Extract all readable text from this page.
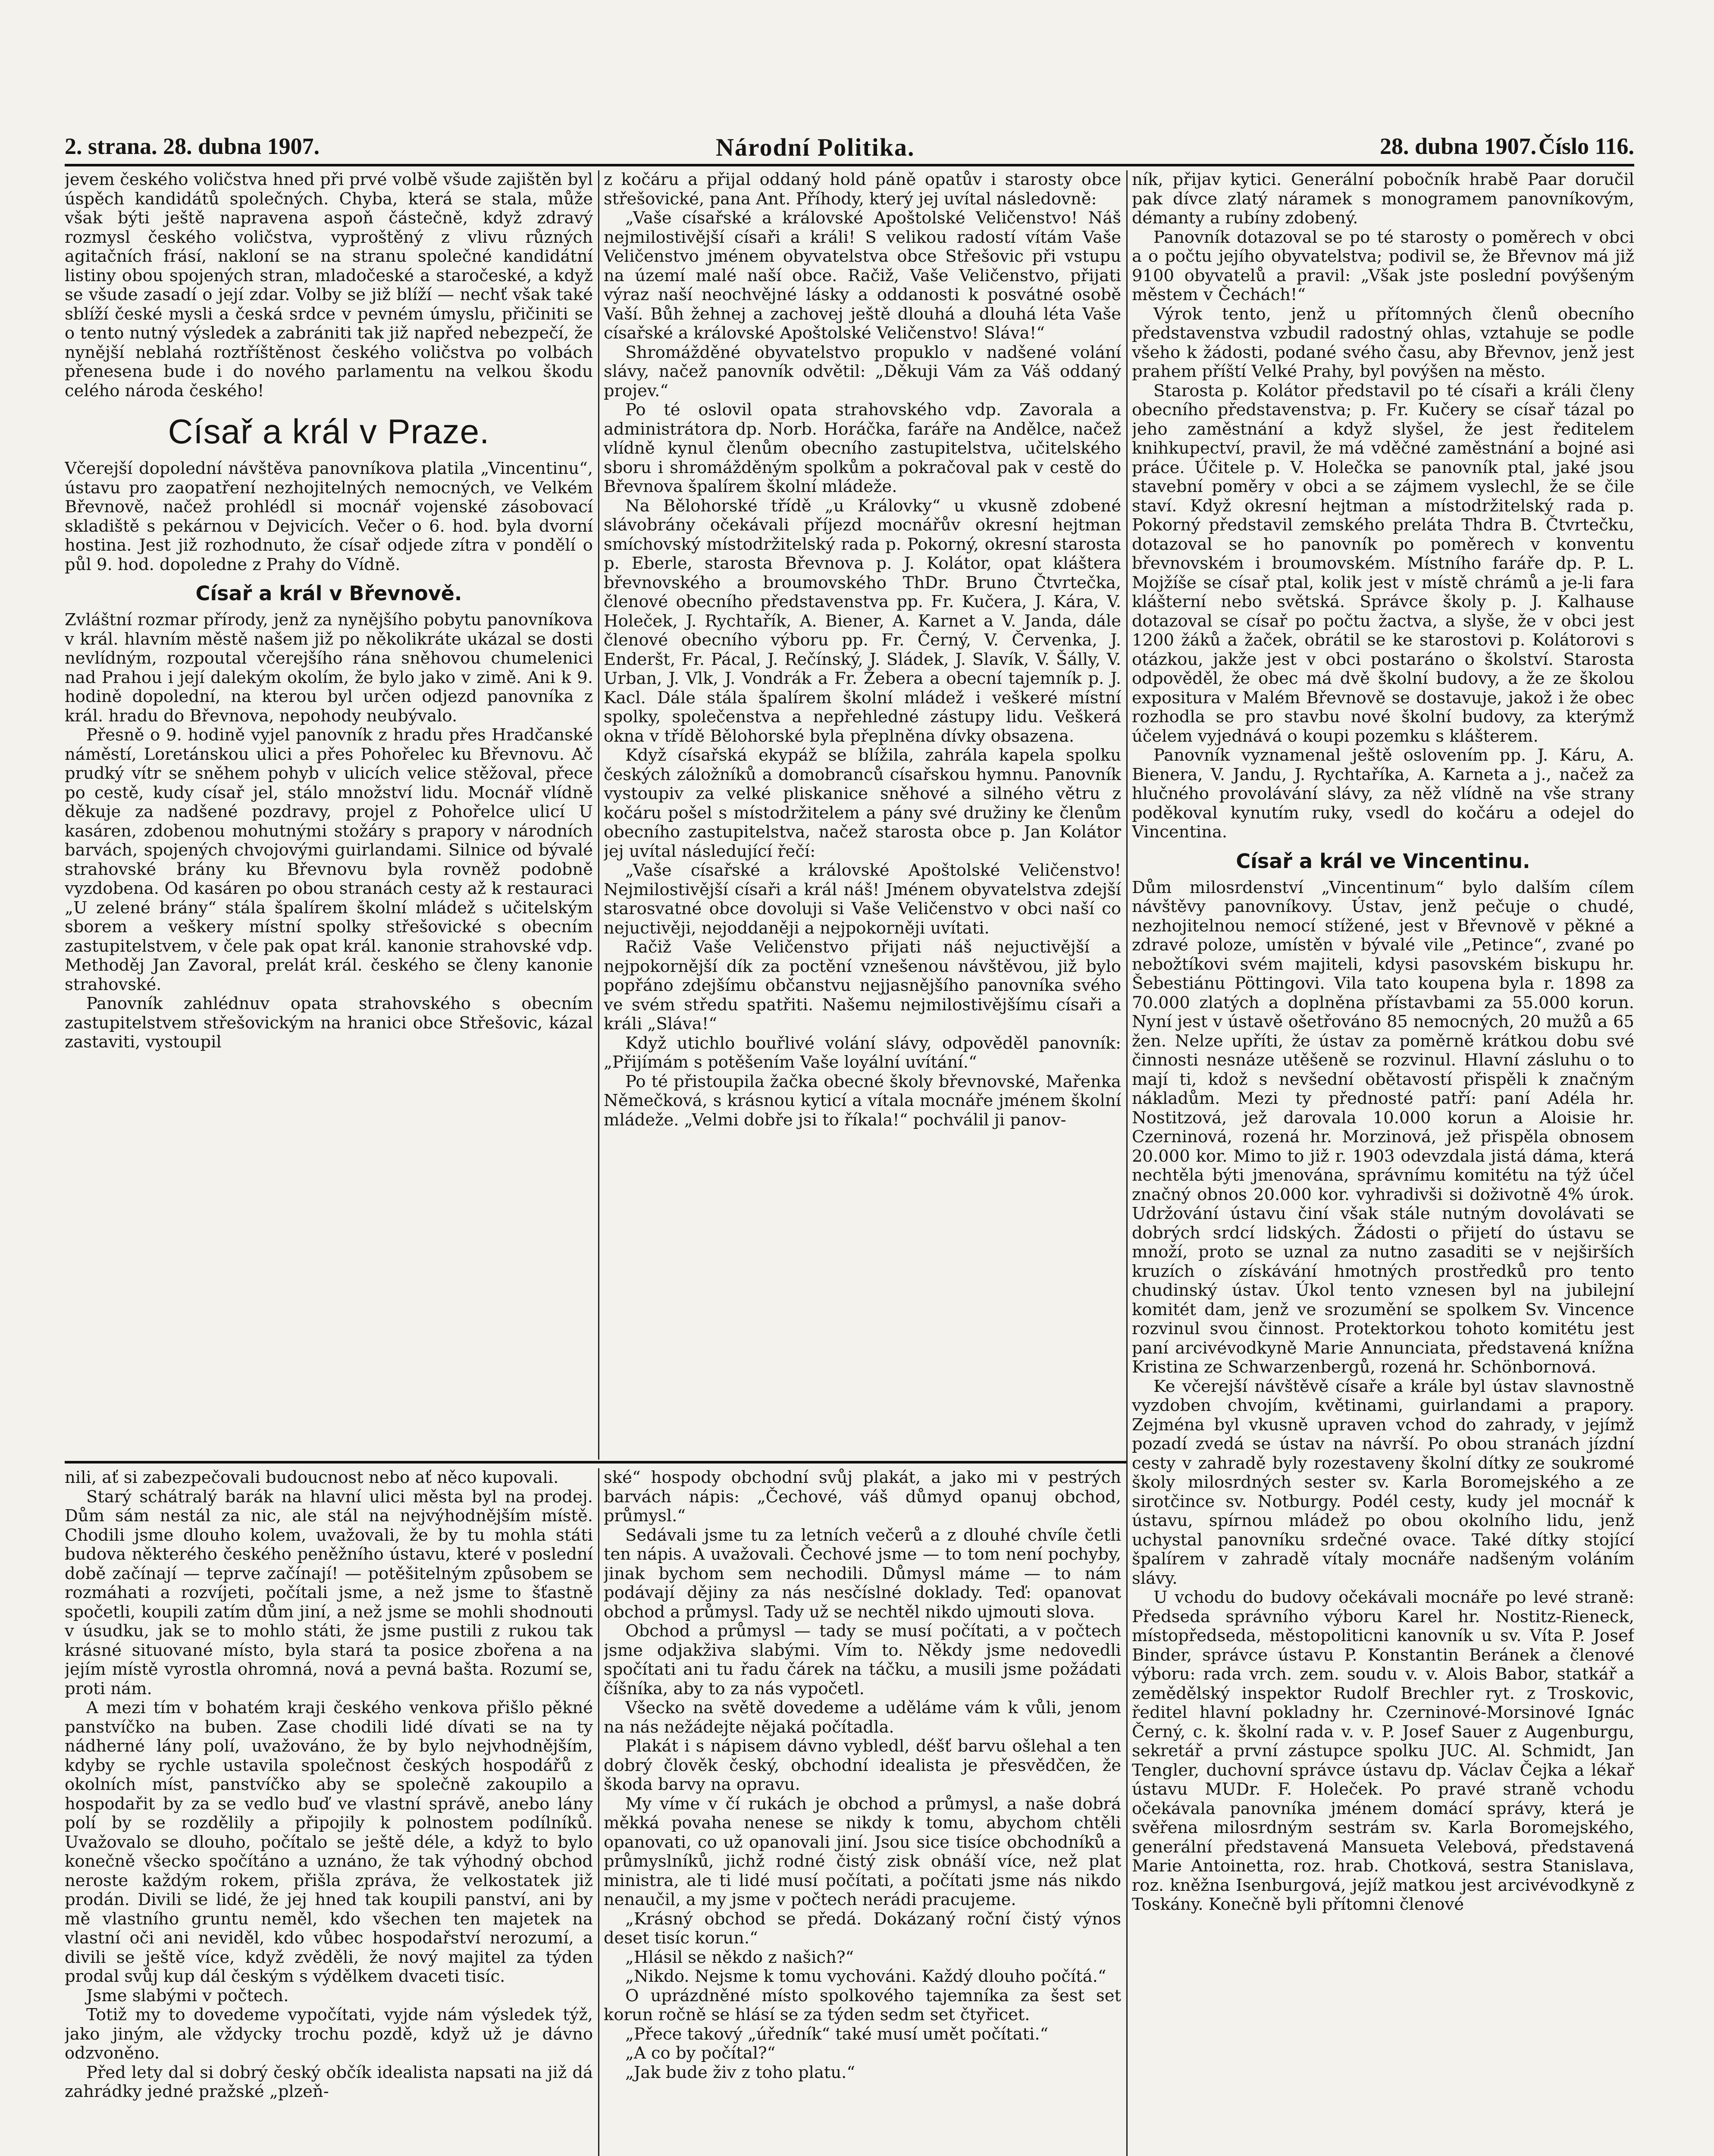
2. strana. 28. dubna 1907.	Národní Politika.	28. dubna 1907. Číslo 116.

jevem českého voličstva hned při prvé volbě všude zajištěn byl úspěch kandidátů společných. Chyba, která se stala, může však býti ještě napravena aspoň částečně, když zdravý rozmysl českého voličstva, vyproštěný z vlivu různých agitačních frásí, nakloní se na stranu společné kandidátní listiny obou spojených stran, mladočeské a staročeské, a když se všude zasadí o její zdar. Volby se již blíží — nechť však také sblíží české mysli a česká srdce v pevném úmyslu, přičiniti se o tento nutný výsledek a zabrániti tak již napřed nebezpečí, že nynější neblahá roztříštěnost českého voličstva po volbách přenesena bude i do nového parlamentu na velkou škodu celého národa českého!

Císař a král v Praze.

Včerejší dopolední návštěva panovníkova platila „Vincentinu“, ústavu pro zaopatření nezhojitelných nemocných, ve Velkém Břevnově, načež prohlédl si mocnář vojenské zásobovací skladiště s pekárnou v Dejvicích. Večer o 6. hod. byla dvorní hostina. Jest již rozhodnuto, že císař odjede zítra v pondělí o půl 9. hod. dopoledne z Prahy do Vídně.

Císař a král v Břevnově.

Zvláštní rozmar přírody, jenž za nynějšího pobytu panovníkova v král. hlavním městě našem již po několikráte ukázal se dosti nevlídným, rozpoutal včerejšího rána sněhovou chumelenici nad Prahou i její dalekým okolím, že bylo jako v zimě. Ani k 9. hodině dopolední, na kterou byl určen odjezd panovníka z král. hradu do Břevnova, nepohody neubývalo.

Přesně o 9. hodině vyjel panovník z hradu přes Hradčanské náměstí, Loretánskou ulici a přes Pohořelec ku Břevnovu. Ač prudký vítr se sněhem pohyb v ulicích velice stěžoval, přece po cestě, kudy císař jel, stálo množství lidu. Mocnář vlídně děkuje za nadšené pozdravy, projel z Pohořelce ulicí U kasáren, zdobenou mohutnými stožáry s prapory v národních barvách, spojených chvojovými guirlandami. Silnice od bývalé strahovské brány ku Břevnovu byla rovněž podobně vyzdobena. Od kasáren po obou stranách cesty až k restauraci „U zelené brány“ stála špalírem školní mládež s učitelským sborem a veškery místní spolky střešovické s obecním zastupitelstvem, v čele pak opat král. kanonie strahovské vdp. Methoděj Jan Zavoral, prelát král. českého se členy kanonie strahovské.

Panovník zahlédnuv opata strahovského s obecním zastupitelstvem střešovickým na hranici obce Střešovic, kázal zastaviti, vystoupil

z kočáru a přijal oddaný hold páně opatův i starosty obce střešovické, pana Ant. Příhody, který jej uvítal následovně:

„Vaše císařské a královské Apoštolské Veličenstvo! Náš nejmilostivější císaři a králi! S velikou radostí vítám Vaše Veličenstvo jménem obyvatelstva obce Střešovic při vstupu na území malé naší obce. Račiž, Vaše Veličenstvo, přijati výraz naší neochvějné lásky a oddanosti k posvátné osobě Vaší. Bůh žehnej a zachovej ještě dlouhá a dlouhá léta Vaše císařské a královské Apoštolské Veličenstvo! Sláva!“

Shromážděné obyvatelstvo propuklo v nadšené volání slávy, načež panovník odvětil: „Děkuji Vám za Váš oddaný projev.“

Po té oslovil opata strahovského vdp. Zavorala a administrátora dp. Norb. Horáčka, faráře na Andělce, načež vlídně kynul členům obecního zastupitelstva, učitelského sboru i shromážděným spolkům a pokračoval pak v cestě do Břevnova špalírem školní mládeže.

Na Bělohorské třídě „u Královky“ u vkusně zdobené slávobrány očekávali příjezd mocnářův okresní hejtman smíchovský místodržitelský rada p. Pokorný, okresní starosta p. Eberle, starosta Břevnova p. J. Kolátor, opat kláštera břevnovského a broumovského ThDr. Bruno Čtvrtečka, členové obecního představenstva pp. Fr. Kučera, J. Kára, V. Holeček, J. Rychtařík, A. Biener, A. Karnet a V. Janda, dále členové obecního výboru pp. Fr. Černý, V. Červenka, J. Enderšt, Fr. Pácal, J. Rečínský, J. Sládek, J. Slavík, V. Šálly, V. Urban, J. Vlk, J. Vondrák a Fr. Žebera a obecní tajemník p. J. Kacl. Dále stála špalírem školní mládež i veškeré místní spolky, společenstva a nepřehledné zástupy lidu. Veškerá okna v třídě Bělohorské byla přeplněna dívky obsazena.

Když císařská ekypáž se blížila, zahrála kapela spolku českých záložníků a domobranců císařskou hymnu. Panovník vystoupiv za velké pliskanice sněhové a silného větru z kočáru pošel s místodržitelem a pány své družiny ke členům obecního zastupitelstva, načež starosta obce p. Jan Kolátor jej uvítal následující řečí:

„Vaše císařské a královské Apoštolské Veličenstvo! Nejmilostivější císaři a král náš! Jménem obyvatelstva zdejší starosvatné obce dovoluji si Vaše Veličenstvo v obci naší co nejuctivěji, nejoddaněji a nejpokorněji uvítati.

Račiž Vaše Veličenstvo přijati náš nejuctivější a nejpokornější dík za poctění vznešenou návštěvou, již bylo popřáno zdejšímu občanstvu nejjasnějšího panovníka svého ve svém středu spatřiti. Našemu nejmilostivějšímu císaři a králi „Sláva!“

Když utichlo bouřlivé volání slávy, odpověděl panovník: „Přijímám s potěšením Vaše loyální uvítání.“

Po té přistoupila žačka obecné školy břevnovské, Mařenka Němečková, s krásnou kyticí a vítala mocnáře jménem školní mládeže. „Velmi dobře jsi to říkala!“ pochválil ji panov-

ník, přijav kytici. Generální pobočník hrabě Paar doručil pak dívce zlatý náramek s monogramem panovníkovým, démanty a rubíny zdobený.

Panovník dotazoval se po té starosty o poměrech v obci a o počtu jejího obyvatelstva; podivil se, že Břevnov má již 9100 obyvatelů a pravil: „Však jste poslední povýšeným městem v Čechách!“

Výrok tento, jenž u přítomných členů obecního představenstva vzbudil radostný ohlas, vztahuje se podle všeho k žádosti, podané svého času, aby Břevnov, jenž jest prahem příští Velké Prahy, byl povýšen na město.

Starosta p. Kolátor představil po té císaři a králi členy obecního představenstva; p. Fr. Kučery se císař tázal po jeho zaměstnání a když slyšel, že jest ředitelem knihkupectví, pravil, že má vděčné zaměstnání a bojné asi práce. Účitele p. V. Holečka se panovník ptal, jaké jsou stavební poměry v obci a se zájmem vyslechl, že se čile staví. Když okresní hejtman a místodržitelský rada p. Pokorný představil zemského preláta Thdra B. Čtvrtečku, dotazoval se ho panovník po poměrech v konventu břevnovském i broumovském. Místního faráře dp. P. L. Mojžíše se císař ptal, kolik jest v místě chrámů a je-li fara klášterní nebo světská. Správce školy p. J. Kalhause dotazoval se císař po počtu žactva, a slyše, že v obci jest 1200 žáků a žaček, obrátil se ke starostovi p. Kolátorovi s otázkou, jakže jest v obci postaráno o školství. Starosta odpověděl, že obec má dvě školní budovy, a že ze školou expositura v Malém Břevnově se dostavuje, jakož i že obec rozhodla se pro stavbu nové školní budovy, za kterýmž účelem vyjednává o koupi pozemku s klášterem.

Panovník vyznamenal ještě oslovením pp. J. Káru, A. Bienera, V. Jandu, J. Rychtaříka, A. Karneta a j., načež za hlučného provolávání slávy, za něž vlídně na vše strany poděkoval kynutím ruky, vsedl do kočáru a odejel do Vincentina.

Císař a král ve Vincentinu.

Dům milosrdenství „Vincentinum“ bylo dalším cílem návštěvy panovníkovy. Ústav, jenž pečuje o chudé, nezhojitelnou nemocí stížené, jest v Břevnově v pěkné a zdravé poloze, umístěn v bývalé vile „Petince“, zvané po nebožtíkovi svém majiteli, kdysi pasovském biskupu hr. Šebestiánu Pöttingovi. Vila tato koupena byla r. 1898 za 70.000 zlatých a doplněna přístavbami za 55.000 korun. Nyní jest v ústavě ošetřováno 85 nemocných, 20 mužů a 65 žen. Nelze upříti, že ústav za poměrně krátkou dobu své činnosti nesnáze utěšeně se rozvinul. Hlavní zásluhu o to mají ti, kdož s nevšední obětavostí přispěli k značným nákladům. Mezi ty přednosté patří: paní Adéla hr. Nostitzová, jež darovala 10.000 korun a Aloisie hr. Czerninová, rozená hr. Morzinová, jež přispěla obnosem 20.000 kor. Mimo to již r. 1903 odevzdala jistá dáma, která nechtěla býti jmenována, správnímu komitétu na týž účel značný obnos 20.000 kor. vyhradivši si doživotně 4% úrok. Udržování ústavu činí však stále nutným dovolávati se dobrých srdcí lidských. Žádosti o přijetí do ústavu se množí, proto se uznal za nutno zasaditi se v nejširších kruzích o získávání hmotných prostředků pro tento chudinský ústav. Úkol tento vznesen byl na jubilejní komitét dam, jenž ve srozumění se spolkem Sv. Vincence rozvinul svou činnost. Protektorkou tohoto komitétu jest paní arcivévodkyně Marie Annunciata, představená knížna Kristina ze Schwarzenbergů, rozená hr. Schönbornová.

Ke včerejší návštěvě císaře a krále byl ústav slavnostně vyzdoben chvojím, květinami, guirlandami a prapory. Zejména byl vkusně upraven vchod do zahrady, v jejímž pozadí zvedá se ústav na návrší. Po obou stranách jízdní cesty v zahradě byly rozestaveny školní dítky ze soukromé školy milosrdných sester sv. Karla Boromejského a ze sirotčince sv. Notburgy. Podél cesty, kudy jel mocnář k ústavu, spírnou mládež po obou okolního lidu, jenž uchystal panovníku srdečné ovace. Také dítky stojící špalírem v zahradě vítaly mocnáře nadšeným voláním slávy.

U vchodu do budovy očekávali mocnáře po levé straně: Předseda správního výboru Karel hr. Nostitz-Rieneck, místopředseda, městopoliticni kanovník u sv. Víta P. Josef Binder, správce ústavu P. Konstantin Beránek a členové výboru: rada vrch. zem. soudu v. v. Alois Babor, statkář a zemědělský inspektor Rudolf Brechler ryt. z Troskovic, ředitel hlavní pokladny hr. Czerninové-Morsinové Ignác Černý, c. k. školní rada v. v. P. Josef Sauer z Augenburgu, sekretář a první zástupce spolku JUC. Al. Schmidt, Jan Tengler, duchovní správce ústavu dp. Václav Čejka a lékař ústavu MUDr. F. Holeček. Po pravé straně vchodu očekávala panovníka jménem domácí správy, která je svěřena milosrdným sestrám sv. Karla Boromejského, generální představená Mansueta Velebová, představená Marie Antoinetta, roz. hrab. Chotková, sestra Stanislava, roz. kněžna Isenburgová, jejíž matkou jest arcivévodkyně z Toskány. Konečně byli přítomni členové

nili, ať si zabezpečovali budoucnost nebo ať něco kupovali.

Starý schátralý barák na hlavní ulici města byl na prodej. Dům sám nestál za nic, ale stál na nejvýhodnějším místě. Chodili jsme dlouho kolem, uvažovali, že by tu mohla státi budova některého českého peněžního ústavu, které v poslední době začínají — teprve začínají! — potěšitelným způsobem se rozmáhati a rozvíjeti, počítali jsme, a než jsme to šťastně spočetli, koupili zatím dům jiní, a než jsme se mohli shodnouti v úsudku, jak se to mohlo státi, že jsme pustili z rukou tak krásné situované místo, byla stará ta posice zbořena a na jejím místě vyrostla ohromná, nová a pevná bašta. Rozumí se, proti nám.

A mezi tím v bohatém kraji českého venkova přišlo pěkné panstvíčko na buben. Zase chodili lidé dívati se na ty nádherné lány polí, uvažováno, že by bylo nejvhodnějším, kdyby se rychle ustavila společnost českých hospodářů z okolních míst, panstvíčko aby se společně zakoupilo a hospodařit by za se vedlo buď ve vlastní správě, anebo lány polí by se rozdělily a připojily k polnostem podílníků. Uvažovalo se dlouho, počítalo se ještě déle, a když to bylo konečně všecko spočítáno a uznáno, že tak výhodný obchod neroste každým rokem, přišla zpráva, že velkostatek již prodán. Divili se lidé, že jej hned tak koupili panství, ani by mě vlastního gruntu neměl, kdo všechen ten majetek na vlastní oči ani neviděl, kdo vůbec hospodařství nerozumí, a divili se ještě více, když zvěděli, že nový majitel za týden prodal svůj kup dál českým s výdělkem dvaceti tisíc.

Jsme slabými v počtech.

Totiž my to dovedeme vypočítati, vyjde nám výsledek týž, jako jiným, ale vždycky trochu pozdě, když už je dávno odzvoněno.

Před lety dal si dobrý český občík idealista napsati na již dá zahrádky jedné pražské „plzeň-

ské“ hospody obchodní svůj plakát, a jako mi v pestrých barvách nápis: „Čechové, váš důmyd opanuj obchod, průmysl.“

Sedávali jsme tu za letních večerů a z dlouhé chvíle četli ten nápis. A uvažovali. Čechové jsme — to tom není pochyby, jinak bychom sem nechodili. Důmysl máme — to nám podávají dějiny za nás nesčíslné doklady. Teď: opanovat obchod a průmysl. Tady už se nechtěl nikdo ujmouti slova.

Obchod a průmysl — tady se musí počítati, a v počtech jsme odjakživa slabými. Vím to. Někdy jsme nedovedli spočítati ani tu řadu čárek na táčku, a musili jsme požádati číšníka, aby to za nás vypočetl.

Všecko na světě dovedeme a uděláme vám k vůli, jenom na nás nežádejte nějaká počítadla.

Plakát i s nápisem dávno vybledl, déšť barvu ošlehal a ten dobrý člověk český, obchodní idealista je přesvědčen, že škoda barvy na opravu.

My víme v čí rukách je obchod a průmysl, a naše dobrá měkká povaha nenese se nikdy k tomu, abychom chtěli opanovati, co už opanovali jiní. Jsou sice tisíce obchodníků a průmyslníků, jichž rodné čistý zisk obnáší více, než plat ministra, ale ti lidé musí počítati, a počítati jsme nás nikdo nenaučil, a my jsme v počtech nerádi pracujeme.

„Krásný obchod se předá. Dokázaný roční čistý výnos deset tisíc korun.“

„Hlásil se někdo z našich?“

„Nikdo. Nejsme k tomu vychováni. Každý dlouho počítá.“

O uprázdněné místo spolkového tajemníka za šest set korun ročně se hlásí se za týden sedm set čtyřicet.

„Přece takový „úředník“ také musí umět počítati.“

„A co by počítal?“

„Jak bude živ z toho platu.“
